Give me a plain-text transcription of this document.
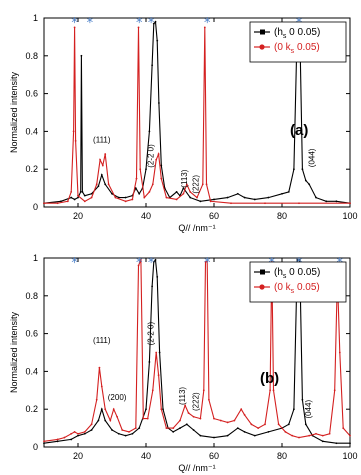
0
0.2
0.4
0.6
0.8
1
20	40	60	80	100
Normalized intensity
Q// /nm⁻¹
* *	* *	*
(111)
(2-2 0)
(113) (222)
(044)
($h_s$ 0 0.05)
(0 $k_s$ 0.05)
(a)
0
0.2
0.4
0.6
0.8
1
20	40	60	80	100
Normalized intensity
Q// /nm⁻¹
*	* *	*
(111)
(200)
(2-2 0)
(113) (222)	(044)
($h_s$ 0 0.05)
(0 $k_s$ 0.05)
(b)
